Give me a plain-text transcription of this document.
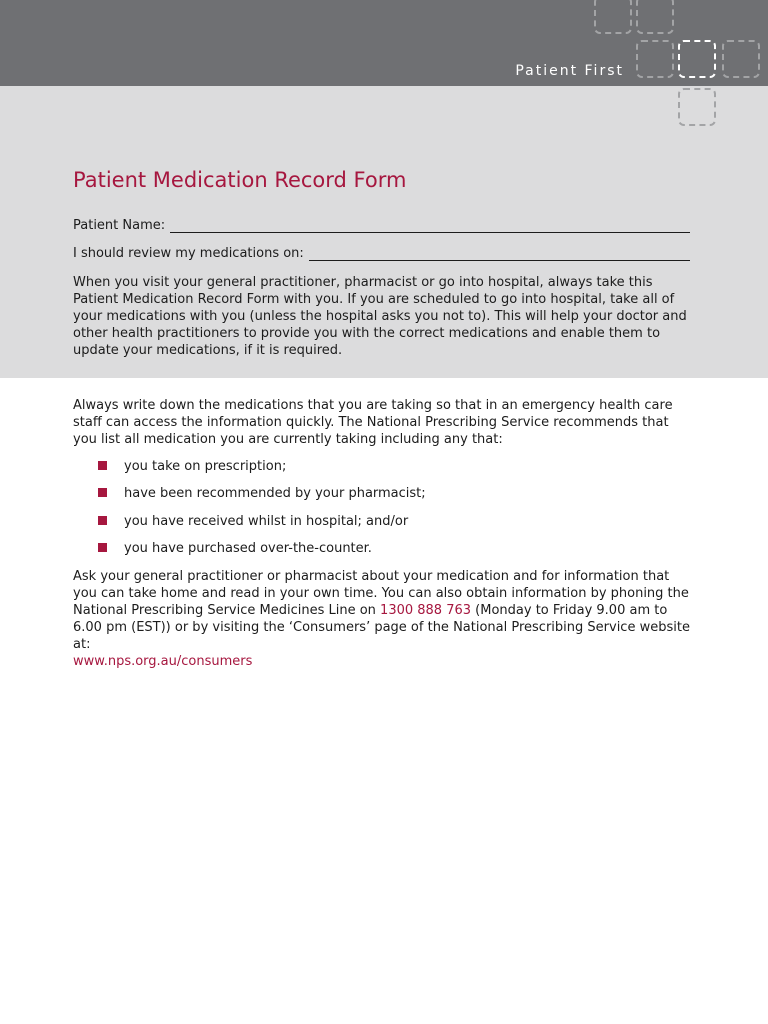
Patient First
Patient Medication Record Form
Patient Name:
I should review my medications on:

When you visit your general practitioner, pharmacist or go into hospital, always take this Patient Medication Record Form with you. If you are scheduled to go into hospital, take all of your medications with you (unless the hospital asks you not to). This will help your doctor and other health practitioners to provide you with the correct medications and enable them to update your medications, if it is required.

Always write down the medications that you are taking so that in an emergency health care staff can access the information quickly. The National Prescribing Service recommends that you list all medication you are currently taking including any that:

you take on prescription;
have been recommended by your pharmacist;
you have received whilst in hospital; and/or
you have purchased over-the-counter.

Ask your general practitioner or pharmacist about your medication and for information that you can take home and read in your own time. You can also obtain information by phoning the National Prescribing Service Medicines Line on 1300 888 763 (Monday to Friday 9.00 am to 6.00 pm (EST)) or by visiting the ‘Consumers’ page of the National Prescribing Service website at:
www.nps.org.au/consumers
